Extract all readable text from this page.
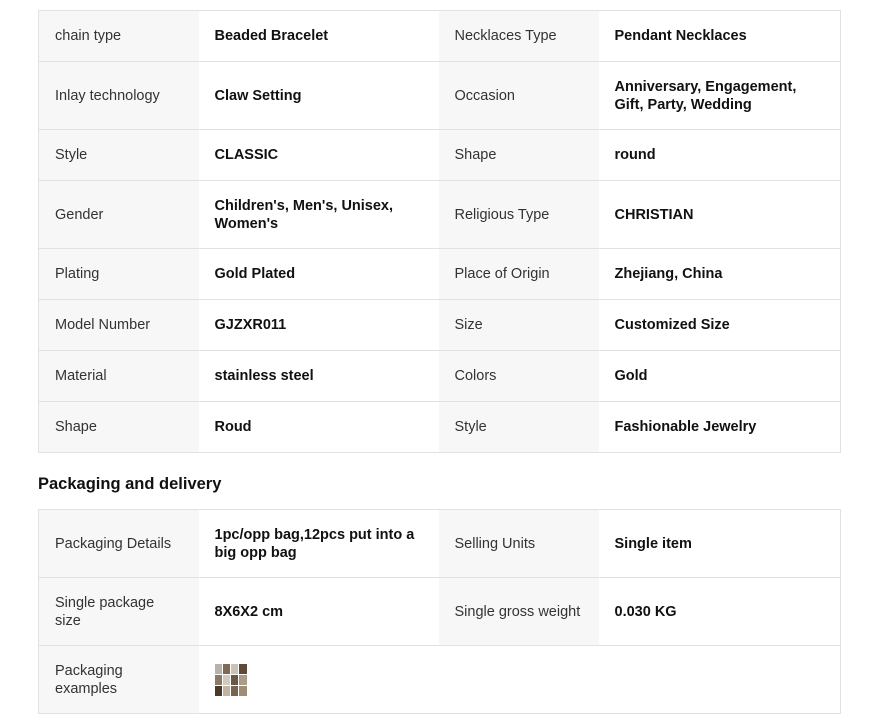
chain type	Beaded Bracelet	Necklaces Type	Pendant Necklaces
Inlay technology	Claw Setting	Occasion	Anniversary, Engagement, Gift, Party, Wedding
Style	CLASSIC	Shape	round
Gender	Children's, Men's, Unisex, Women's	Religious Type	CHRISTIAN
Plating	Gold Plated	Place of Origin	Zhejiang, China
Model Number	GJZXR011	Size	Customized Size
Material	stainless steel	Colors	Gold
Shape	Roud	Style	Fashionable Jewelry
Packaging and delivery
Packaging Details	1pc/opp bag,12pcs put into a big opp bag	Selling Units	Single item
Single package size	8X6X2 cm	Single gross weight	0.030 KG
Packaging examples			
